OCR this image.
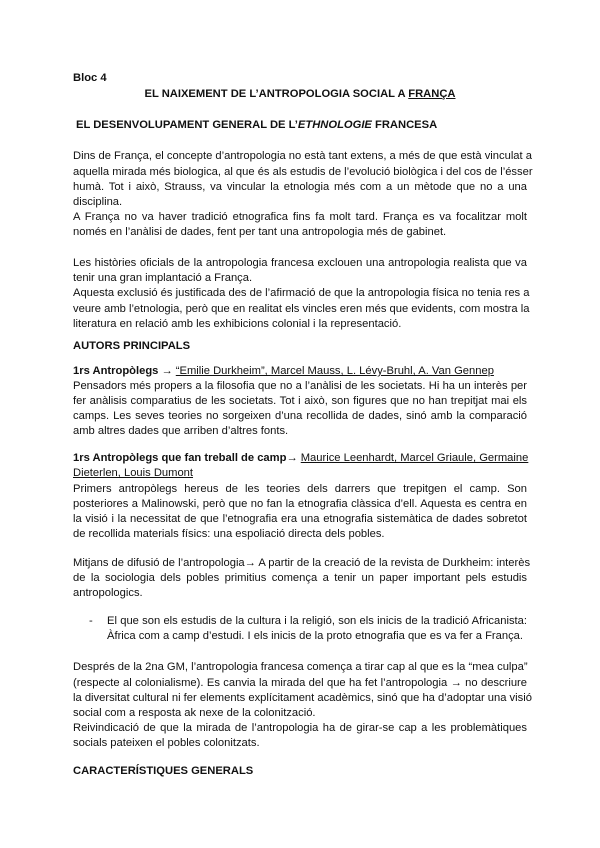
Bloc 4
EL NAIXEMENT DE L’ANTROPOLOGIA SOCIAL A FRANÇA
EL DESENVOLUPAMENT GENERAL DE L’ETHNOLOGIE FRANCESA
Dins de França, el concepte d’antropologia no està tant extens, a més de que està vinculat a
aquella mirada més biologica, al que és als estudis de l’evolució biològica i del cos de l’ésser
humà. Tot i això, Strauss, va vincular la etnologia més com a un mètode que no a una
disciplina.
A França no va haver tradició etnografica fins fa molt tard. França es va focalitzar molt
només en l’anàlisi de dades, fent per tant una antropologia més de gabinet.
Les històries oficials de la antropologia francesa exclouen una antropologia realista que va
tenir una gran implantació a França.
Aquesta exclusió és justificada des de l’afirmació de que la antropologia física no tenia res a
veure amb l’etnologia, però que en realitat els vincles eren més que evidents, com mostra la
literatura en relació amb les exhibicions colonial i la representació.
AUTORS PRINCIPALS
1rs Antropòlegs → “Emilie Durkheim”, Marcel Mauss, L. Lévy-Bruhl, A. Van Gennep
Pensadors més propers a la filosofia que no a l’anàlisi de les societats. Hi ha un interès per
fer anàlisis comparatius de les societats. Tot i això, son figures que no han trepitjat mai els
camps. Les seves teories no sorgeixen d’una recollida de dades, sinó amb la comparació
amb altres dades que arriben d’altres fonts.
1rs Antropòlegs que fan treball de camp→ Maurice Leenhardt, Marcel Griaule, Germaine
Dieterlen, Louis Dumont
Primers antropòlegs hereus de les teories dels darrers que trepitgen el camp. Son
posteriores a Malinowski, però que no fan la etnografia clàssica d’ell. Aquesta es centra en
la visió i la necessitat de que l’etnografia era una etnografia sistemàtica de dades sobretot
de recollida materials físics: una espoliació directa dels pobles.
Mitjans de difusió de l’antropologia→ A partir de la creació de la revista de Durkheim: interès
de la sociologia dels pobles primitius comença a tenir un paper important pels estudis
antropologics.
- El que son els estudis de la cultura i la religió, son els inicis de la tradició Africanista:
Àfrica com a camp d’estudi. I els inicis de la proto etnografia que es va fer a França.
Després de la 2na GM, l’antropologia francesa comença a tirar cap al que es la “mea culpa”
(respecte al colonialisme). Es canvia la mirada del que ha fet l’antropologia → no descriure
la diversitat cultural ni fer elements explícitament acadèmics, sinó que ha d’adoptar una visió
social com a resposta ak nexe de la colonització.
Reivindicació de que la mirada de l’antropologia ha de girar-se cap a les problemàtiques
socials pateixen el pobles colonitzats.
CARACTERÍSTIQUES GENERALS
